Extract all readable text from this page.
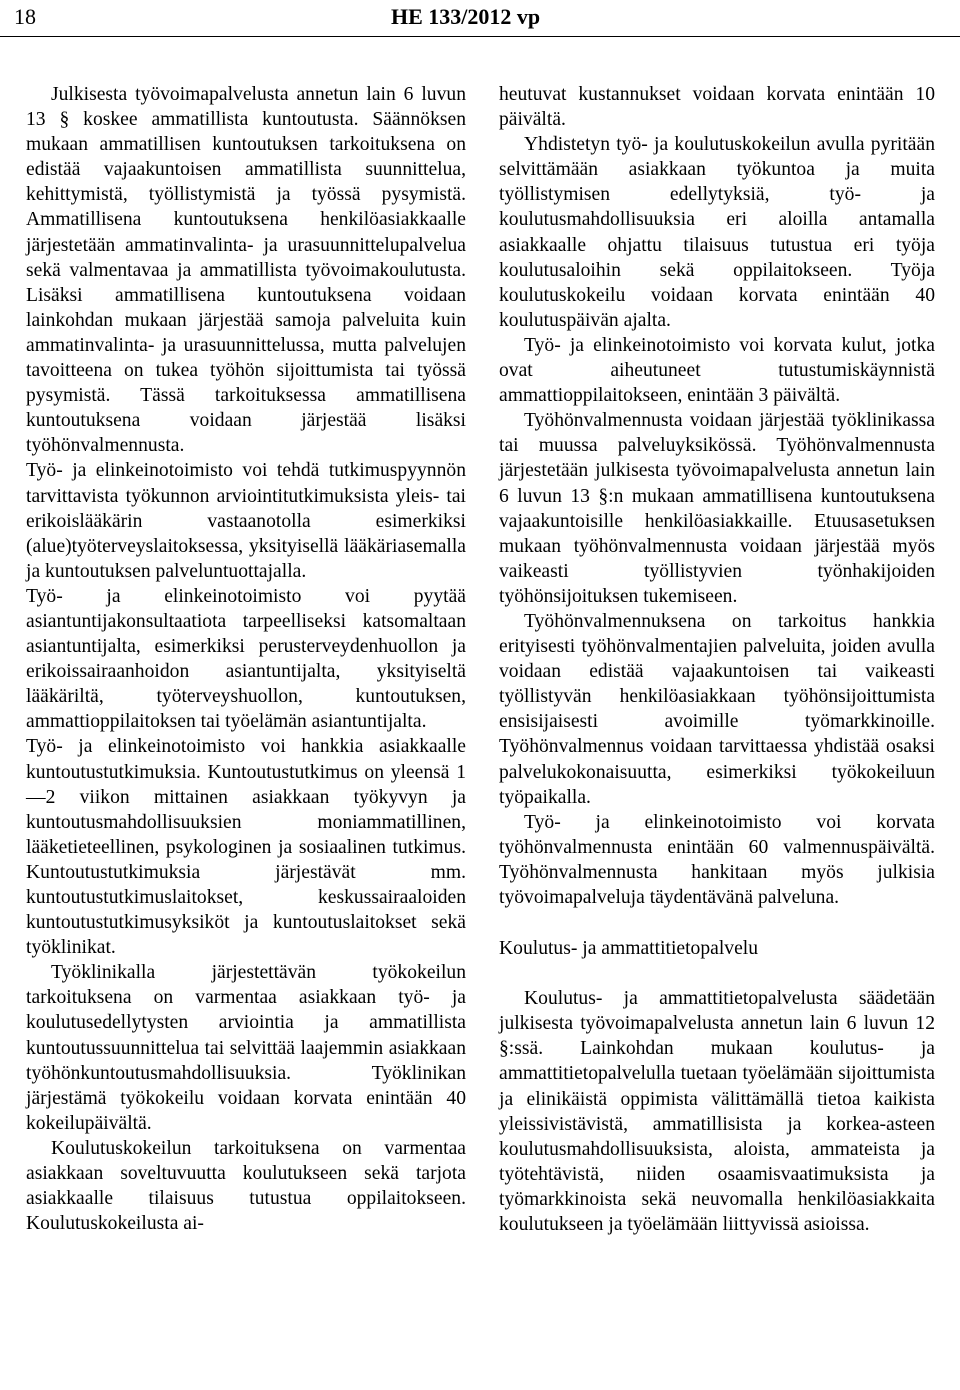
18	HE 133/2012 vp

Julkisesta työvoimapalvelusta annetun lain 6 luvun 13 § koskee ammatillista kuntoutusta. Säännöksen mukaan ammatillisen kuntoutuksen tarkoituksena on edistää vajaakuntoisen ammatillista suunnittelua, kehittymistä, työllistymistä ja työssä pysymistä. Ammatillisena kuntoutuksena henkilöasiakkaalle järjestetään ammatinvalinta- ja urasuunnittelupalvelua sekä valmentavaa ja ammatillista työvoimakoulutusta. Lisäksi ammatillisena kuntoutuksena voidaan lainkohdan mukaan järjestää samoja palveluita kuin ammatinvalinta- ja urasuunnittelussa, mutta palvelujen tavoitteena on tukea työhön sijoittumista tai työssä pysymistä. Tässä tarkoituksessa ammatillisena kuntoutuksena voidaan järjestää lisäksi työhönvalmennusta.

Työ- ja elinkeinotoimisto voi tehdä tutkimuspyynnön tarvittavista työkunnon arviointitutkimuksista yleis- tai erikoislääkärin vastaanotolla esimerkiksi (alue)työterveyslaitoksessa, yksityisellä lääkäriasemalla ja kuntoutuksen palveluntuottajalla.

Työ- ja elinkeinotoimisto voi pyytää asiantuntijakonsultaatiota tarpeelliseksi katsomaltaan asiantuntijalta, esimerkiksi perusterveydenhuollon ja erikoissairaanhoidon asiantuntijalta, yksityiseltä lääkäriltä, työterveyshuollon, kuntoutuksen, ammattioppilaitoksen tai työelämän asiantuntijalta.

Työ- ja elinkeinotoimisto voi hankkia asiakkaalle kuntoutustutkimuksia. Kuntoutustutkimus on yleensä 1—2 viikon mittainen asiakkaan työkyvyn ja kuntoutusmahdollisuuksien moniammatillinen, lääketieteellinen, psykologinen ja sosiaalinen tutkimus. Kuntoutustutkimuksia järjestävät mm. kuntoutustutkimuslaitokset, keskussairaaloiden kuntoutustutkimusyksiköt ja kuntoutuslaitokset sekä työklinikat.

Työklinikalla järjestettävän työkokeilun tarkoituksena on varmentaa asiakkaan työ- ja koulutusedellytysten arviointia ja ammatillista kuntoutussuunnittelua tai selvittää laajemmin asiakkaan työhönkuntoutusmahdollisuuksia. Työklinikan järjestämä työkokeilu voidaan korvata enintään 40 kokeilupäivältä.

Koulutuskokeilun tarkoituksena on varmentaa asiakkaan soveltuvuutta koulutukseen sekä tarjota asiakkaalle tilaisuus tutustua oppilaitokseen. Koulutuskokeilusta ai-

heutuvat kustannukset voidaan korvata enintään 10 päivältä.

Yhdistetyn työ- ja koulutuskokeilun avulla pyritään selvittämään asiakkaan työkuntoa ja muita työllistymisen edellytyksiä, työ- ja koulutusmahdollisuuksia eri aloilla antamalla asiakkaalle ohjattu tilaisuus tutustua eri työja koulutusaloihin sekä oppilaitokseen. Työja koulutuskokeilu voidaan korvata enintään 40 koulutuspäivän ajalta.

Työ- ja elinkeinotoimisto voi korvata kulut, jotka ovat aiheutuneet tutustumiskäynnistä ammattioppilaitokseen, enintään 3 päivältä.

Työhönvalmennusta voidaan järjestää työklinikassa tai muussa palveluyksikössä. Työhönvalmennusta järjestetään julkisesta työvoimapalvelusta annetun lain 6 luvun 13 §:n mukaan ammatillisena kuntoutuksena vajaakuntoisille henkilöasiakkaille. Etuusasetuksen mukaan työhönvalmennusta voidaan järjestää myös vaikeasti työllistyvien työnhakijoiden työhönsijoituksen tukemiseen.

Työhönvalmennuksena on tarkoitus hankkia erityisesti työhönvalmentajien palveluita, joiden avulla voidaan edistää vajaakuntoisen tai vaikeasti työllistyvän henkilöasiakkaan työhönsijoittumista ensisijaisesti avoimille työmarkkinoille. Työhönvalmennus voidaan tarvittaessa yhdistää osaksi palvelukokonaisuutta, esimerkiksi työkokeiluun työpaikalla.

Työ- ja elinkeinotoimisto voi korvata työhönvalmennusta enintään 60 valmennuspäivältä. Työhönvalmennusta hankitaan myös julkisia työvoimapalveluja täydentävänä palveluna.

Koulutus- ja ammattitietopalvelu

Koulutus- ja ammattitietopalvelusta säädetään julkisesta työvoimapalvelusta annetun lain 6 luvun 12 §:ssä. Lainkohdan mukaan koulutus- ja ammattitietopalvelulla tuetaan työelämään sijoittumista ja elinikäistä oppimista välittämällä tietoa kaikista yleissivistävistä, ammatillisista ja korkea-asteen koulutusmahdollisuuksista, aloista, ammateista ja työtehtävistä, niiden osaamisvaatimuksista ja työmarkkinoista sekä neuvomalla henkilöasiakkaita koulutukseen ja työelämään liittyvissä asioissa.
